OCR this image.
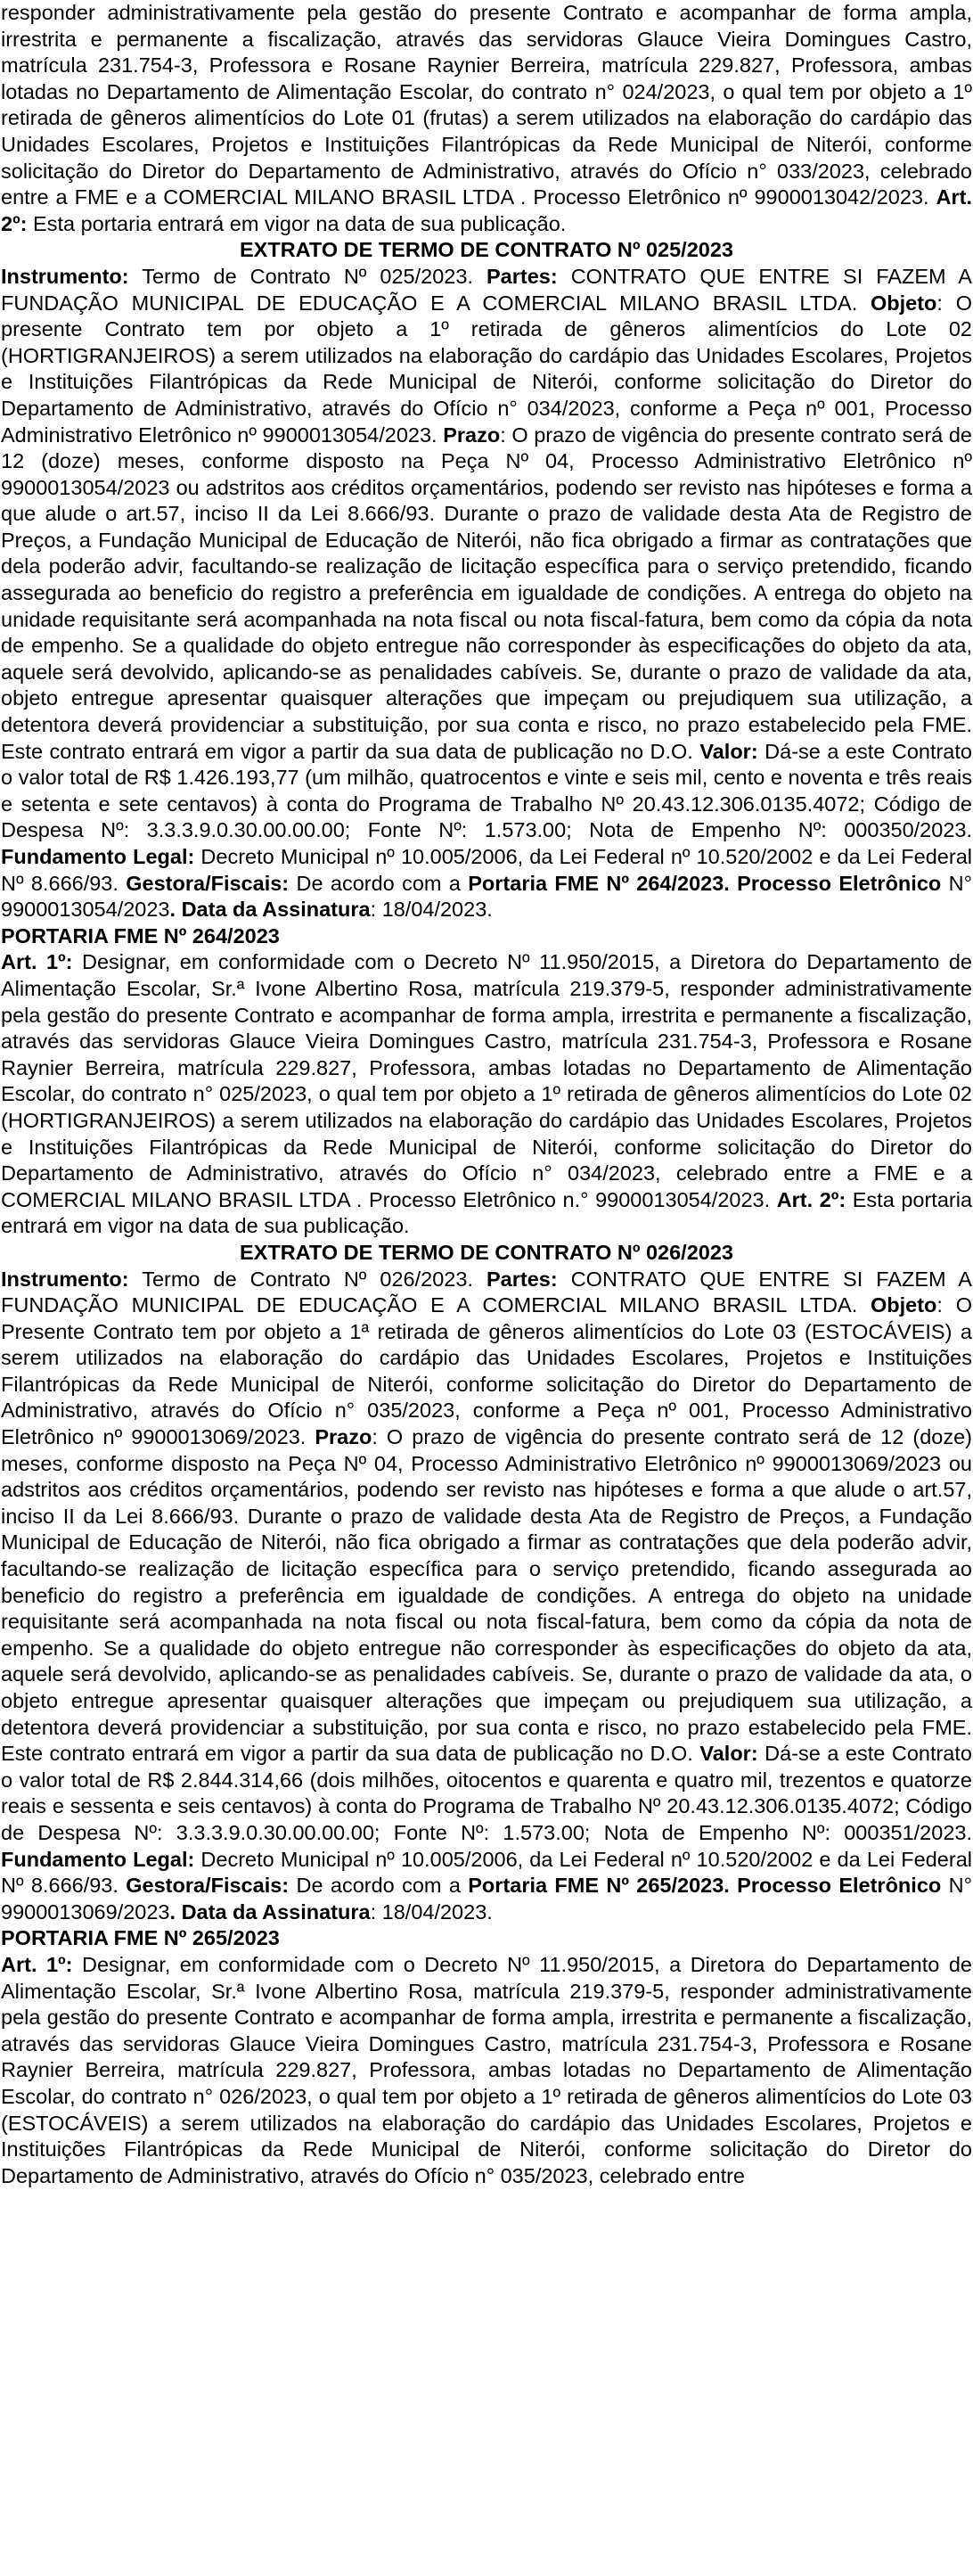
responder administrativamente pela gestão do presente Contrato e acompanhar de forma ampla, irrestrita e permanente a fiscalização, através das servidoras Glauce Vieira Domingues Castro, matrícula 231.754-3, Professora e Rosane Raynier Berreira, matrícula 229.827, Professora, ambas lotadas no Departamento de Alimentação Escolar, do contrato n° 024/2023, o qual tem por objeto a 1º retirada de gêneros alimentícios do Lote 01 (frutas) a serem utilizados na elaboração do cardápio das Unidades Escolares, Projetos e Instituições Filantrópicas da Rede Municipal de Niterói, conforme solicitação do Diretor do Departamento de Administrativo, através do Ofício n° 033/2023, celebrado entre a FME e a COMERCIAL MILANO BRASIL LTDA . Processo Eletrônico nº 9900013042/2023. Art. 2º: Esta portaria entrará em vigor na data de sua publicação.

EXTRATO DE TERMO DE CONTRATO Nº 025/2023

Instrumento: Termo de Contrato Nº 025/2023. Partes: CONTRATO QUE ENTRE SI FAZEM A FUNDAÇÃO MUNICIPAL DE EDUCAÇÃO E A COMERCIAL MILANO BRASIL LTDA. Objeto: O presente Contrato tem por objeto a 1º retirada de gêneros alimentícios do Lote 02 (HORTIGRANJEIROS) a serem utilizados na elaboração do cardápio das Unidades Escolares, Projetos e Instituições Filantrópicas da Rede Municipal de Niterói, conforme solicitação do Diretor do Departamento de Administrativo, através do Ofício n° 034/2023, conforme a Peça nº 001, Processo Administrativo Eletrônico nº 9900013054/2023. Prazo: O prazo de vigência do presente contrato será de 12 (doze) meses, conforme disposto na Peça Nº 04, Processo Administrativo Eletrônico nº 9900013054/2023 ou adstritos aos créditos orçamentários, podendo ser revisto nas hipóteses e forma a que alude o art.57, inciso II da Lei 8.666/93. Durante o prazo de validade desta Ata de Registro de Preços, a Fundação Municipal de Educação de Niterói, não fica obrigado a firmar as contratações que dela poderão advir, facultando-se realização de licitação específica para o serviço pretendido, ficando assegurada ao beneficio do registro a preferência em igualdade de condições. A entrega do objeto na unidade requisitante será acompanhada na nota fiscal ou nota fiscal-fatura, bem como da cópia da nota de empenho. Se a qualidade do objeto entregue não corresponder às especificações do objeto da ata, aquele será devolvido, aplicando-se as penalidades cabíveis. Se, durante o prazo de validade da ata, objeto entregue apresentar quaisquer alterações que impeçam ou prejudiquem sua utilização, a detentora deverá providenciar a substituição, por sua conta e risco, no prazo estabelecido pela FME. Este contrato entrará em vigor a partir da sua data de publicação no D.O. Valor: Dá-se a este Contrato o valor total de R$ 1.426.193,77 (um milhão, quatrocentos e vinte e seis mil, cento e noventa e três reais e setenta e sete centavos) à conta do Programa de Trabalho Nº 20.43.12.306.0135.4072; Código de Despesa Nº: 3.3.3.9.0.30.00.00.00; Fonte Nº: 1.573.00; Nota de Empenho Nº: 000350/2023. Fundamento Legal: Decreto Municipal nº 10.005/2006, da Lei Federal nº 10.520/2002 e da Lei Federal Nº 8.666/93. Gestora/Fiscais: De acordo com a Portaria FME Nº 264/2023. Processo Eletrônico N° 9900013054/2023. Data da Assinatura: 18/04/2023.

PORTARIA FME Nº 264/2023

Art. 1º: Designar, em conformidade com o Decreto Nº 11.950/2015, a Diretora do Departamento de Alimentação Escolar, Sr.ª Ivone Albertino Rosa, matrícula 219.379-5, responder administrativamente pela gestão do presente Contrato e acompanhar de forma ampla, irrestrita e permanente a fiscalização, através das servidoras Glauce Vieira Domingues Castro, matrícula 231.754-3, Professora e Rosane Raynier Berreira, matrícula 229.827, Professora, ambas lotadas no Departamento de Alimentação Escolar, do contrato n° 025/2023, o qual tem por objeto a 1º retirada de gêneros alimentícios do Lote 02 (HORTIGRANJEIROS) a serem utilizados na elaboração do cardápio das Unidades Escolares, Projetos e Instituições Filantrópicas da Rede Municipal de Niterói, conforme solicitação do Diretor do Departamento de Administrativo, através do Ofício n° 034/2023, celebrado entre a FME e a COMERCIAL MILANO BRASIL LTDA . Processo Eletrônico n.° 9900013054/2023. Art. 2º: Esta portaria entrará em vigor na data de sua publicação.

EXTRATO DE TERMO DE CONTRATO Nº 026/2023

Instrumento: Termo de Contrato Nº 026/2023. Partes: CONTRATO QUE ENTRE SI FAZEM A FUNDAÇÃO MUNICIPAL DE EDUCAÇÃO E A COMERCIAL MILANO BRASIL LTDA. Objeto: O Presente Contrato tem por objeto a 1ª retirada de gêneros alimentícios do Lote 03 (ESTOCÁVEIS) a serem utilizados na elaboração do cardápio das Unidades Escolares, Projetos e Instituições Filantrópicas da Rede Municipal de Niterói, conforme solicitação do Diretor do Departamento de Administrativo, através do Ofício n° 035/2023, conforme a Peça nº 001, Processo Administrativo Eletrônico nº 9900013069/2023. Prazo: O prazo de vigência do presente contrato será de 12 (doze) meses, conforme disposto na Peça Nº 04, Processo Administrativo Eletrônico nº 9900013069/2023 ou adstritos aos créditos orçamentários, podendo ser revisto nas hipóteses e forma a que alude o art.57, inciso II da Lei 8.666/93. Durante o prazo de validade desta Ata de Registro de Preços, a Fundação Municipal de Educação de Niterói, não fica obrigado a firmar as contratações que dela poderão advir, facultando-se realização de licitação específica para o serviço pretendido, ficando assegurada ao beneficio do registro a preferência em igualdade de condições. A entrega do objeto na unidade requisitante será acompanhada na nota fiscal ou nota fiscal-fatura, bem como da cópia da nota de empenho. Se a qualidade do objeto entregue não corresponder às especificações do objeto da ata, aquele será devolvido, aplicando-se as penalidades cabíveis. Se, durante o prazo de validade da ata, o objeto entregue apresentar quaisquer alterações que impeçam ou prejudiquem sua utilização, a detentora deverá providenciar a substituição, por sua conta e risco, no prazo estabelecido pela FME. Este contrato entrará em vigor a partir da sua data de publicação no D.O. Valor: Dá-se a este Contrato o valor total de R$ 2.844.314,66 (dois milhões, oitocentos e quarenta e quatro mil, trezentos e quatorze reais e sessenta e seis centavos) à conta do Programa de Trabalho Nº 20.43.12.306.0135.4072; Código de Despesa Nº: 3.3.3.9.0.30.00.00.00; Fonte Nº: 1.573.00; Nota de Empenho Nº: 000351/2023. Fundamento Legal: Decreto Municipal nº 10.005/2006, da Lei Federal nº 10.520/2002 e da Lei Federal Nº 8.666/93. Gestora/Fiscais: De acordo com a Portaria FME Nº 265/2023. Processo Eletrônico N° 9900013069/2023. Data da Assinatura: 18/04/2023.

PORTARIA FME Nº 265/2023

Art. 1º: Designar, em conformidade com o Decreto Nº 11.950/2015, a Diretora do Departamento de Alimentação Escolar, Sr.ª Ivone Albertino Rosa, matrícula 219.379-5, responder administrativamente pela gestão do presente Contrato e acompanhar de forma ampla, irrestrita e permanente a fiscalização, através das servidoras Glauce Vieira Domingues Castro, matrícula 231.754-3, Professora e Rosane Raynier Berreira, matrícula 229.827, Professora, ambas lotadas no Departamento de Alimentação Escolar, do contrato n° 026/2023, o qual tem por objeto a 1º retirada de gêneros alimentícios do Lote 03 (ESTOCÁVEIS) a serem utilizados na elaboração do cardápio das Unidades Escolares, Projetos e Instituições Filantrópicas da Rede Municipal de Niterói, conforme solicitação do Diretor do Departamento de Administrativo, através do Ofício n° 035/2023, celebrado entre
